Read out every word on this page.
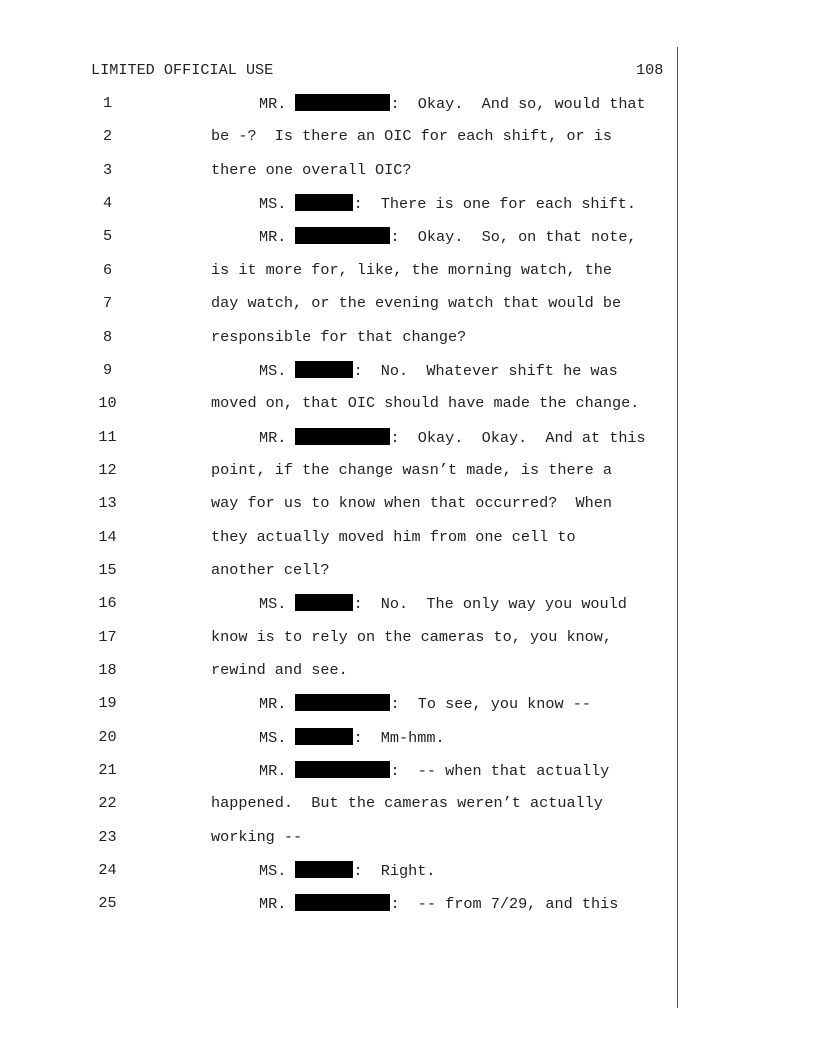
LIMITED OFFICIAL USE	108
1	MR.	:  Okay.  And so, would that
2	be -?  Is there an OIC for each shift, or is
3	there one overall OIC?
4	MS.	:  There is one for each shift.
5	MR.	:  Okay.  So, on that note,
6	is it more for, like, the morning watch, the
7	day watch, or the evening watch that would be
8	responsible for that change?
9	MS.	:  No.  Whatever shift he was
10	moved on, that OIC should have made the change.
11	MR.	:  Okay.  Okay.  And at this
12	point, if the change wasn’t made, is there a
13	way for us to know when that occurred?  When
14	they actually moved him from one cell to
15	another cell?
16	MS.	:  No.  The only way you would
17	know is to rely on the cameras to, you know,
18	rewind and see.
19	MR.	:  To see, you know --
20	MS.	:  Mm-hmm.
21	MR.	:  -- when that actually
22	happened.  But the cameras weren’t actually
23	working --
24	MS.	:  Right.
25	MR.	:  -- from 7/29, and this
